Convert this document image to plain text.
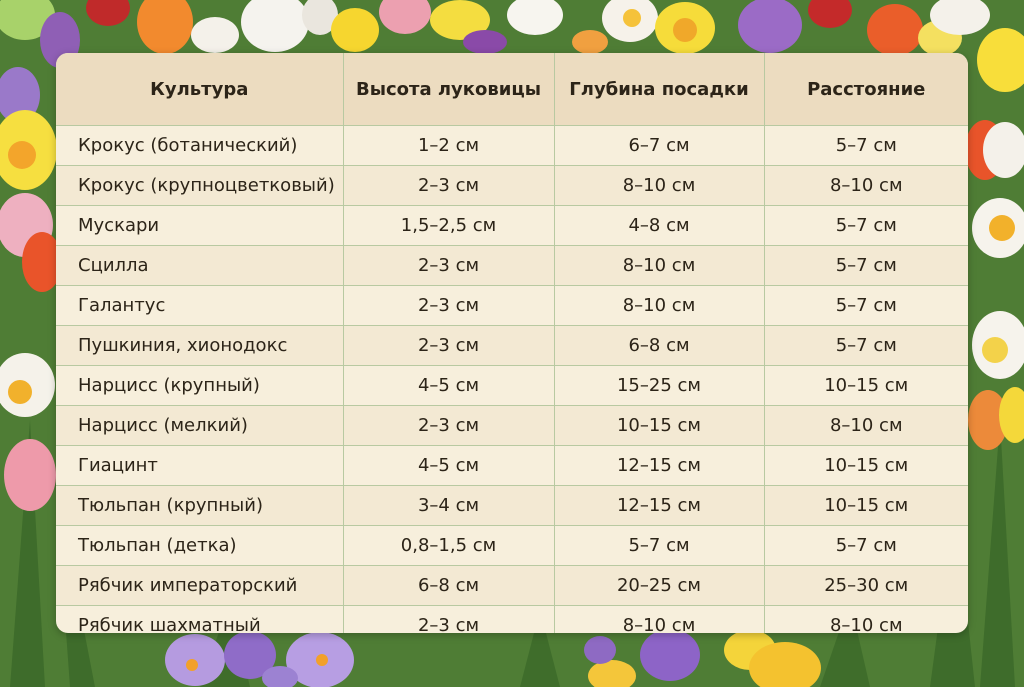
Культура	Высота луковицы	Глубина посадки	Расстояние
Крокус (ботанический)	1–2 см	6–7 см	5–7 см
Крокус (крупноцветковый)	2–3 см	8–10 см	8–10 см
Мускари	1,5–2,5 см	4–8 см	5–7 см
Сцилла	2–3 см	8–10 см	5–7 см
Галантус	2–3 см	8–10 см	5–7 см
Пушкиния, хионодокс	2–3 см	6–8 см	5–7 см
Нарцисс (крупный)	4–5 см	15–25 см	10–15 см
Нарцисс (мелкий)	2–3 см	10–15 см	8–10 см
Гиацинт	4–5 см	12–15 см	10–15 см
Тюльпан (крупный)	3–4 см	12–15 см	10–15 см
Тюльпан (детка)	0,8–1,5 см	5–7 см	5–7 см
Рябчик императорский	6–8 см	20–25 см	25–30 см
Рябчик шахматный	2–3 см	8–10 см	8–10 см
